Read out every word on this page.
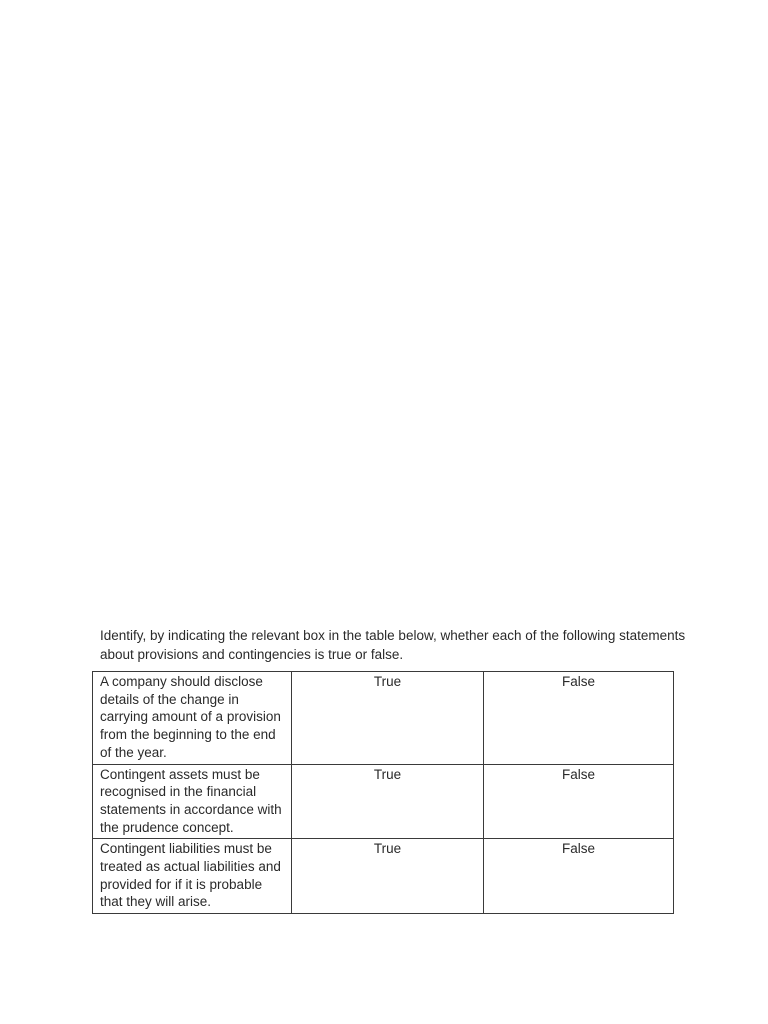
Identify, by indicating the relevant box in the table below, whether each of the following statements

about provisions and contingencies is true or false.

A company should disclose
details of the change in
carrying amount of a provision
from the beginning to the end
of the year.	True	False

Contingent assets must be
recognised in the financial
statements in accordance with
the prudence concept.	True	False

Contingent liabilities must be
treated as actual liabilities and
provided for if it is probable
that they will arise.	True	False
